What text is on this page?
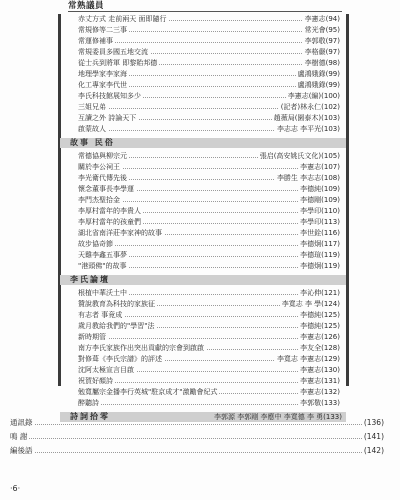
常熟議員
赤丈方式 走前兩天 面即隨行	李憲志(94)
常規修等二三事	常光會(95)
常運修補事	李郭敬(97)
常規委員多國五地交流	李格嚴(97)
從士兵到將軍 即黎貽邦德	李樹德(98)
地理學家李家海	盧鴻娥錄(99)
化工專家李代世	盧鴻娥錄(99)
李氏科技館展知多少	李憲志(編)(100)
三姐兄弟	(記者)林永仁(102)
互讀之外 詩論天下	趙薇局(園泰木)(103)
啟蒙故人	李志志 李平光(103)
故事 民俗
常德協與柳宗元	張启(高安姚氏文化)(105)
關於李公祠王	李憲志(107)
李光衛代傳先後	李勝生 李志志(108)
懷念董事長李學運	李德純(109)
李門杰聖拾金	李德剛(109)
李厚村當年的李貴人	李學印(110)
李厚村當年的孩童們	李學印(113)
湖北省南洋莊李家神的故事	李世銓(116)
故步協奇節	李德炯(117)
天雞李鑫五事夢	李德瑄(119)
"港頭佛"的故事	李德炯(119)
李氏論壇
根植中華沃土中	李沁伸(121)
贊說教育為科技的家族征	李寬志 李 學(124)
有志者 事竟成	李德純(125)
歲月教給我們的"學習"法	李德純(125)
新時期管	李憲志(126)
南方李氏家族作出突出貢獻的宗會到啟啟	李友全(128)
對修葺《李氏宗譜》的評述	李寬志 李憲志(129)
沈阿太極宣言目啟	李憲志(130)
祝賀好顏詩	李憲志(131)
勉寬屬宗金播李行英城"駐京成才"激勵會紀式	李憲志(132)
醉聽詩	李郭敬(133)
詩詞拾零	李郭源 李郭剛 李應中 李寬德 李 勇(133)
通訊錄	(136)
鳴 謝	(141)
編後語	(142)
·6·
